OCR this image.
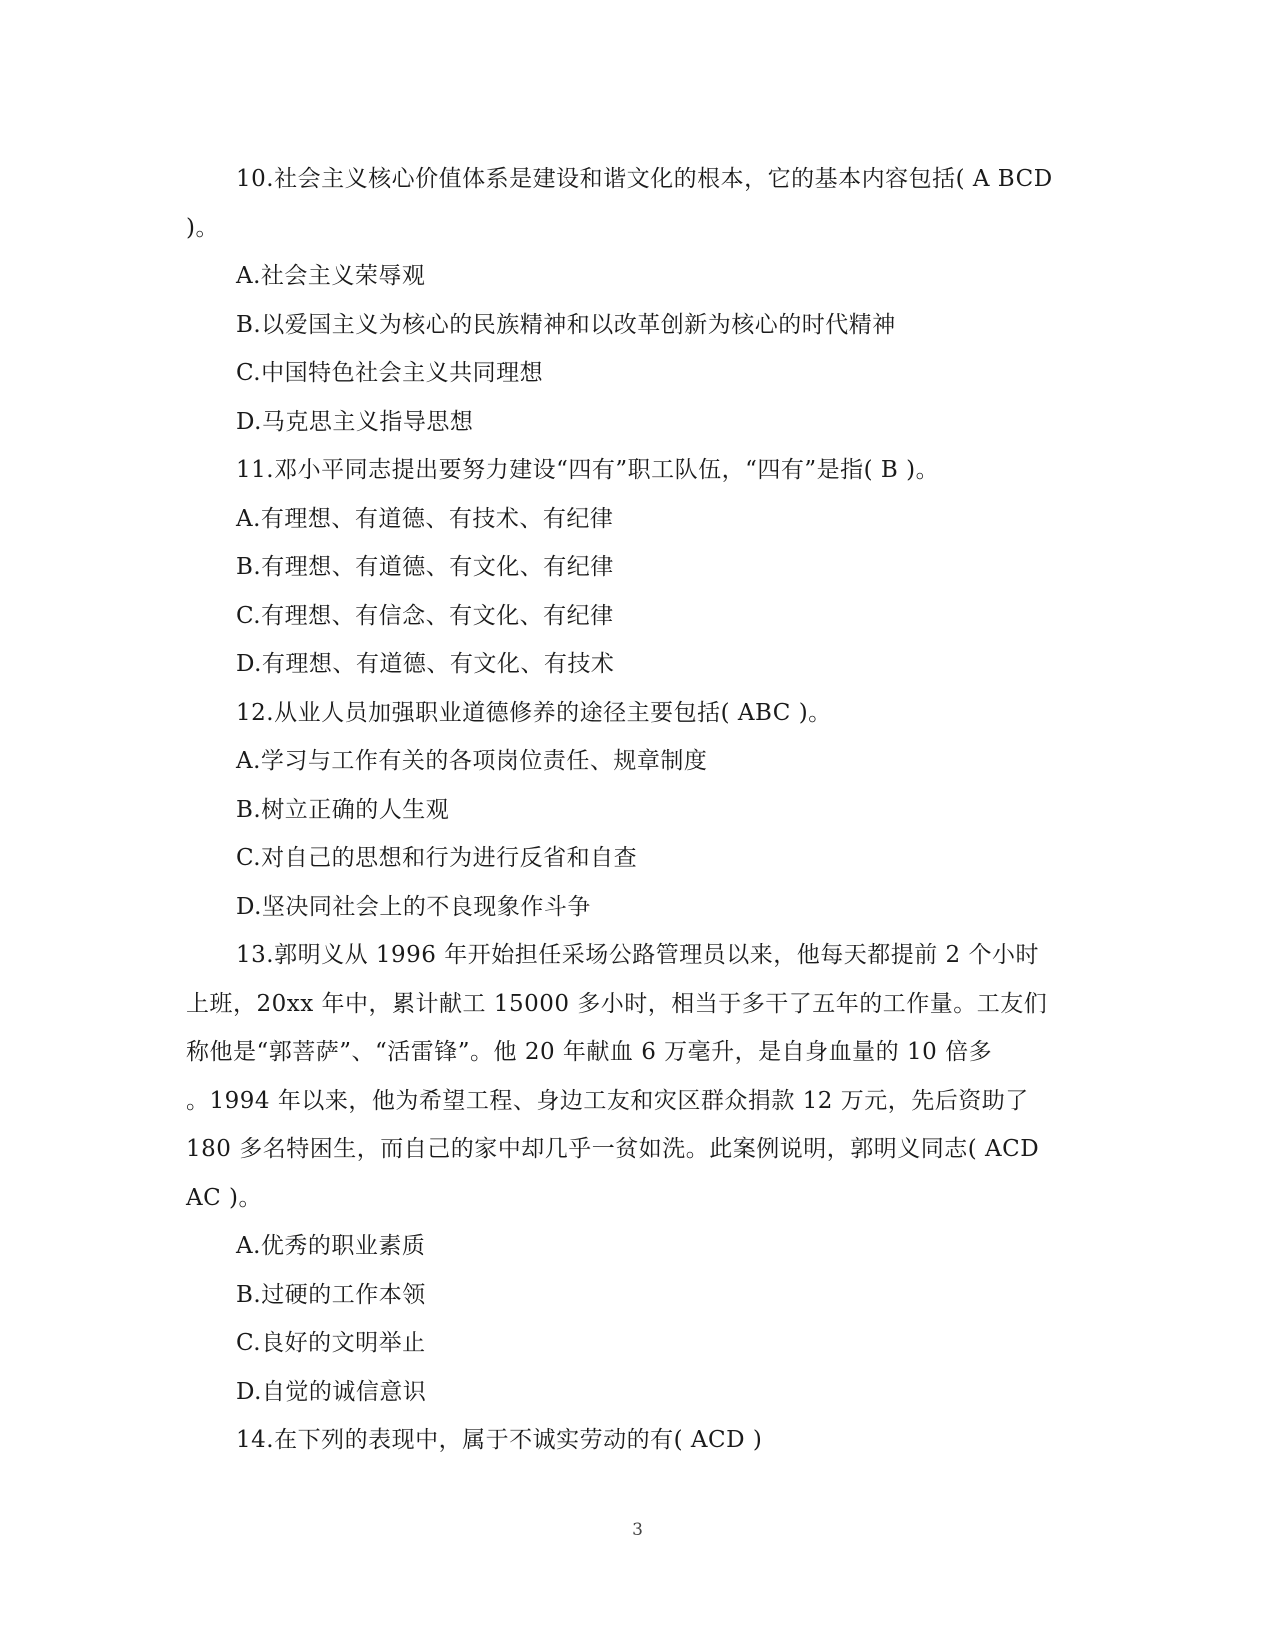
10.社会主义核心价值体系是建设和谐文化的根本，它的基本内容包括( A BCD
)。
A.社会主义荣辱观
B.以爱国主义为核心的民族精神和以改革创新为核心的时代精神
C.中国特色社会主义共同理想
D.马克思主义指导思想
11.邓小平同志提出要努力建设“四有”职工队伍，“四有”是指( B )。
A.有理想、有道德、有技术、有纪律
B.有理想、有道德、有文化、有纪律
C.有理想、有信念、有文化、有纪律
D.有理想、有道德、有文化、有技术
12.从业人员加强职业道德修养的途径主要包括( ABC )。
A.学习与工作有关的各项岗位责任、规章制度
B.树立正确的人生观
C.对自己的思想和行为进行反省和自查
D.坚决同社会上的不良现象作斗争
13.郭明义从 1996 年开始担任采场公路管理员以来，他每天都提前 2 个小时
上班，20xx 年中，累计献工 15000 多小时，相当于多干了五年的工作量。工友们
称他是“郭菩萨”、“活雷锋”。他 20 年献血 6 万毫升，是自身血量的 10 倍多
。1994 年以来，他为希望工程、身边工友和灾区群众捐款 12 万元，先后资助了
180 多名特困生，而自己的家中却几乎一贫如洗。此案例说明，郭明义同志( ACD
AC )。
A.优秀的职业素质
B.过硬的工作本领
C.良好的文明举止
D.自觉的诚信意识
14.在下列的表现中，属于不诚实劳动的有( ACD )
3
